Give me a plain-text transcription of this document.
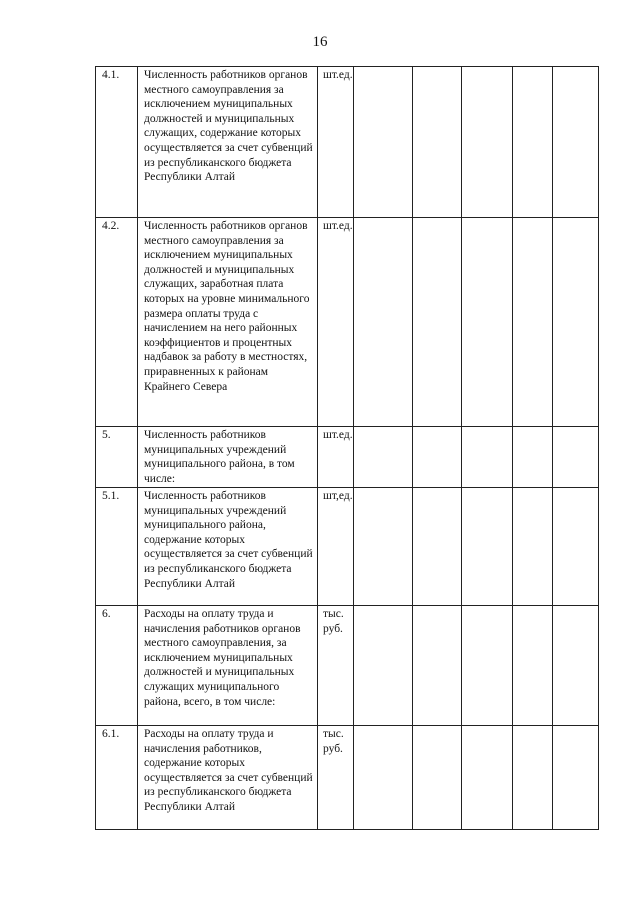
16
4.1.	Численность работников органов местного самоуправления за исключением муниципальных должностей и муниципальных служащих, содержание которых осуществляется за счет субвенций из республиканского бюджета Республики Алтай	шт.ед.					
4.2.	Численность работников органов местного самоуправления за исключением муниципальных должностей и муниципальных служащих, заработная плата которых на уровне минимального размера оплаты труда с начислением на него районных коэффициентов и процентных надбавок за работу в местностях, приравненных к районам Крайнего Севера	шт.ед.					
5.	Численность работников муниципальных учреждений муниципального района, в том числе:	шт.ед.					
5.1.	Численность работников муниципальных учреждений муниципального района, содержание которых осуществляется за счет субвенций из республиканского бюджета Республики Алтай	шт,ед.					
6.	Расходы на оплату труда и начисления работников органов местного самоуправления, за исключением муниципальных должностей и муниципальных служащих муниципального района, всего, в том числе:	тыс. руб.					
6.1.	Расходы на оплату труда и начисления работников, содержание которых осуществляется за счет субвенций из республиканского бюджета Республики Алтай	тыс. руб.					
